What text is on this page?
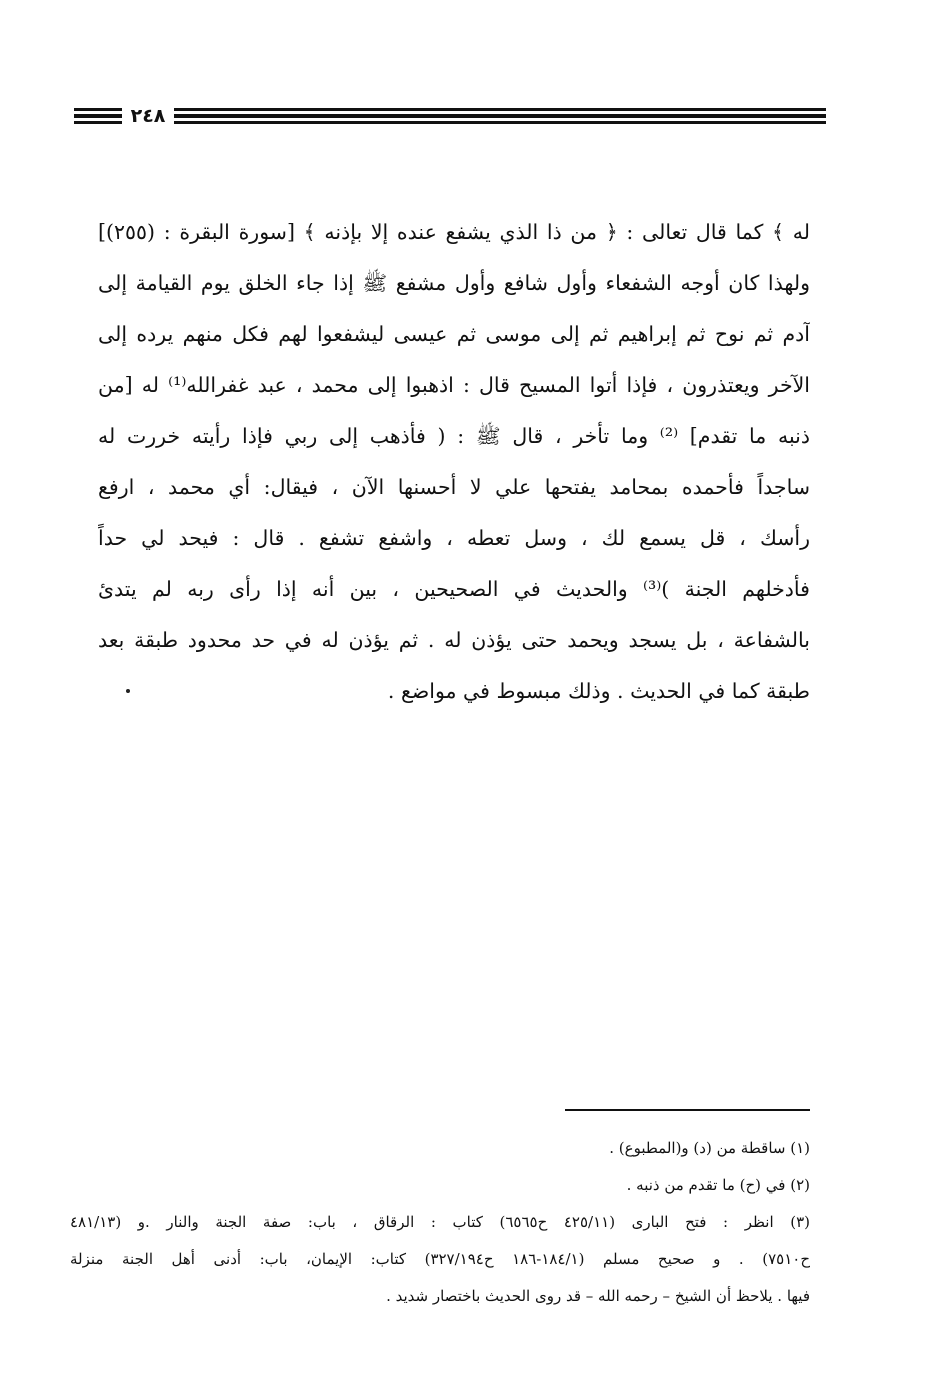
٢٤٨
له ﴾ كما قال تعالى : ﴿ من ذا الذي يشفع عنده إلا بإذنه ﴾ [سورة البقرة : (٢٥٥)]
ولهذا كان أوجه الشفعاء وأول شافع وأول مشفع ﷺ إذا جاء الخلق يوم القيامة إلى
آدم ثم نوح ثم إبراهيم ثم إلى موسى ثم عيسى ليشفعوا لهم فكل منهم يرده إلى
الآخر ويعتذرون ، فإذا أتوا المسيح قال : اذهبوا إلى محمد ، عبد غفرالله⁽¹⁾ له [من
ذنبه ما تقدم] ⁽²⁾ وما تأخر ، قال ﷺ : ( فأذهب إلى ربي فإذا رأيته خررت له
ساجداً فأحمده بمحامد يفتحها علي لا أحسنها الآن ، فيقال: أي محمد ، ارفع
رأسك ، قل يسمع لك ، وسل تعطه ، واشفع تشفع . قال : فيحد لي حداً
فأدخلهم الجنة )⁽³⁾ والحديث في الصحيحين ، بين أنه إذا رأى ربه لم يتدئ
بالشفاعة ، بل يسجد ويحمد حتى يؤذن له . ثم يؤذن له في حد محدود طبقة بعد
طبقة كما في الحديث . وذلك مبسوط في مواضع .
(١) ساقطة من (د) و(المطبوع) .
(٢) في (ح) ما تقدم من ذنبه .
(٣) انظر : فتح البارى (٤٢٥/١١ ح٦٥٦٥) كتاب : الرقاق ، باب: صفة الجنة والنار .و (٤٨١/١٣
ح٧٥١٠) . و صحيح مسلم (١٨٤/١-١٨٦ ح٣٢٧/١٩٤) كتاب: الإيمان، باب: أدنى أهل الجنة منزلة
فيها . يلاحظ أن الشيخ – رحمه الله – قد روى الحديث باختصار شديد .
